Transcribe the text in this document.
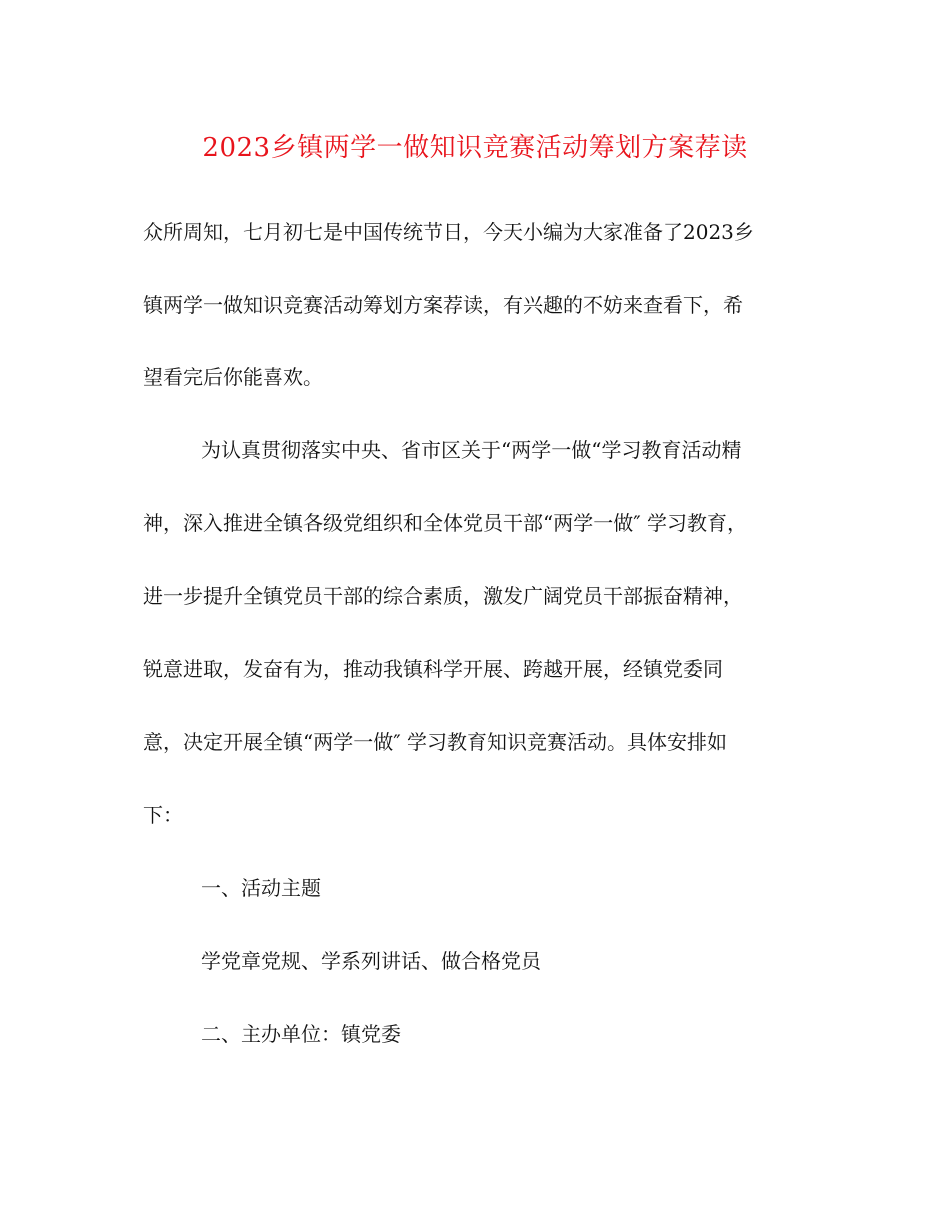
2023乡镇两学一做知识竞赛活动筹划方案荐读
众所周知，七月初七是中国传统节日，今天小编为大家准备了2023乡
镇两学一做知识竞赛活动筹划方案荐读，有兴趣的不妨来查看下，希
望看完后你能喜欢。
为认真贯彻落实中央、省市区关于“两学一做“学习教育活动精
神，深入推进全镇各级党组织和全体党员干部“两学一做″ 学习教育，
进一步提升全镇党员干部的综合素质，激发广阔党员干部振奋精神，
锐意进取，发奋有为，推动我镇科学开展、跨越开展，经镇党委同
意，决定开展全镇“两学一做″ 学习教育知识竞赛活动。具体安排如
下：
一、活动主题
学党章党规、学系列讲话、做合格党员
二、主办单位：镇党委
